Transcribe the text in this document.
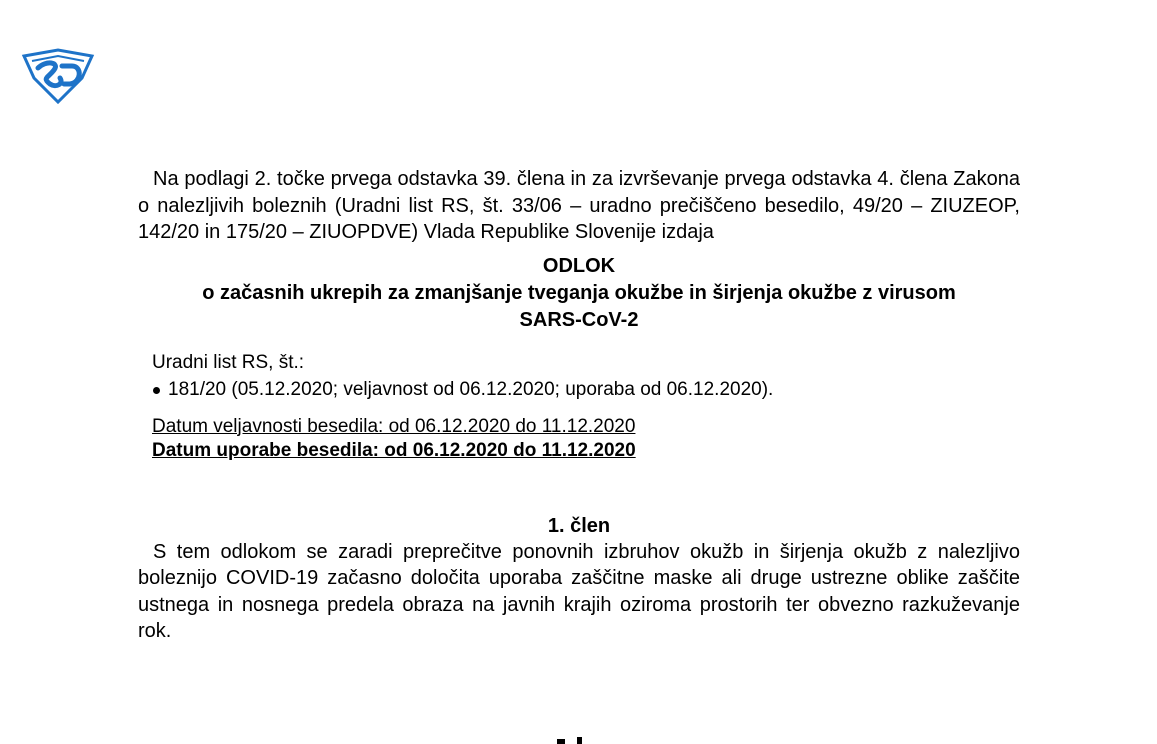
Na podlagi 2. točke prvega odstavka 39. člena in za izvrševanje prvega odstavka 4. člena Zakona o nalezljivih boleznih (Uradni list RS, št. 33/06 – uradno prečiščeno besedilo, 49/20 – ZIUZEOP, 142/20 in 175/20 – ZIUOPDVE) Vlada Republike Slovenije izdaja

ODLOK
o začasnih ukrepih za zmanjšanje tveganja okužbe in širjenja okužbe z virusom SARS-CoV-2
Uradni list RS, št.:
181/20 (05.12.2020; veljavnost od 06.12.2020; uporaba od 06.12.2020).
Datum veljavnosti besedila: od 06.12.2020 do 11.12.2020
Datum uporabe besedila: od 06.12.2020 do 11.12.2020
1. člen

S tem odlokom se zaradi preprečitve ponovnih izbruhov okužb in širjenja okužb z nalezljivo boleznijo COVID-19 začasno določita uporaba zaščitne maske ali druge ustrezne oblike zaščite ustnega in nosnega predela obraza na javnih krajih oziroma prostorih ter obvezno razkuževanje rok.
